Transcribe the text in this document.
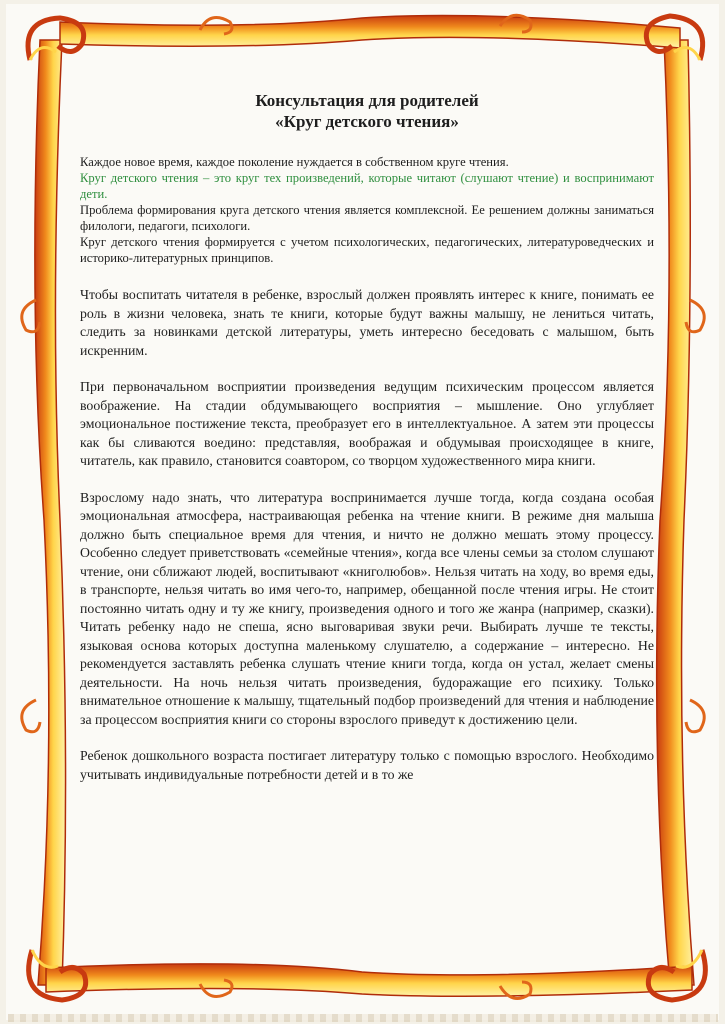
Консультация для родителей
«Круг детского чтения»

Каждое новое время, каждое поколение нуждается в собственном круге чтения.

Круг детского чтения – это круг тех произведений, которые читают (слушают чтение) и воспринимают дети.

Проблема формирования круга детского чтения является комплексной. Ее решением должны заниматься филологи, педагоги, психологи.

Круг детского чтения формируется с учетом психологических, педагогических, литературоведческих и историко-литературных принципов.

Чтобы воспитать читателя в ребенке, взрослый должен проявлять интерес к книге, понимать ее роль в жизни человека, знать те книги, которые будут важны малышу, не лениться читать, следить за новинками детской литературы, уметь интересно беседовать с малышом, быть искренним.

При первоначальном восприятии произведения ведущим психическим процессом является воображение. На стадии обдумывающего восприятия – мышление. Оно углубляет эмоциональное постижение текста, преобразует его в интеллектуальное. А затем эти процессы как бы сливаются воедино: представляя, воображая и обдумывая происходящее в книге, читатель, как правило, становится соавтором, со творцом художественного мира книги.

Взрослому надо знать, что литература воспринимается лучше тогда, когда создана особая эмоциональная атмосфера, настраивающая ребенка на чтение книги. В режиме дня малыша должно быть специальное время для чтения, и ничто не должно мешать этому процессу. Особенно следует приветствовать «семейные чтения», когда все члены семьи за столом слушают чтение, они сближают людей, воспитывают «книголюбов». Нельзя читать на ходу, во время еды, в транспорте, нельзя читать во имя чего-то, например, обещанной после чтения игры. Не стоит постоянно читать одну и ту же книгу, произведения одного и того же жанра (например, сказки). Читать ребенку надо не спеша, ясно выговаривая звуки речи. Выбирать лучше те тексты, языковая основа которых доступна маленькому слушателю, а содержание – интересно. Не рекомендуется заставлять ребенка слушать чтение книги тогда, когда он устал, желает смены деятельности. На ночь нельзя читать произведения, будоражащие его психику. Только внимательное отношение к малышу, тщательный подбор произведений для чтения и наблюдение за процессом восприятия книги со стороны взрослого приведут к достижению цели.

Ребенок дошкольного возраста постигает литературу только с помощью взрослого. Необходимо учитывать индивидуальные потребности детей и в то же
